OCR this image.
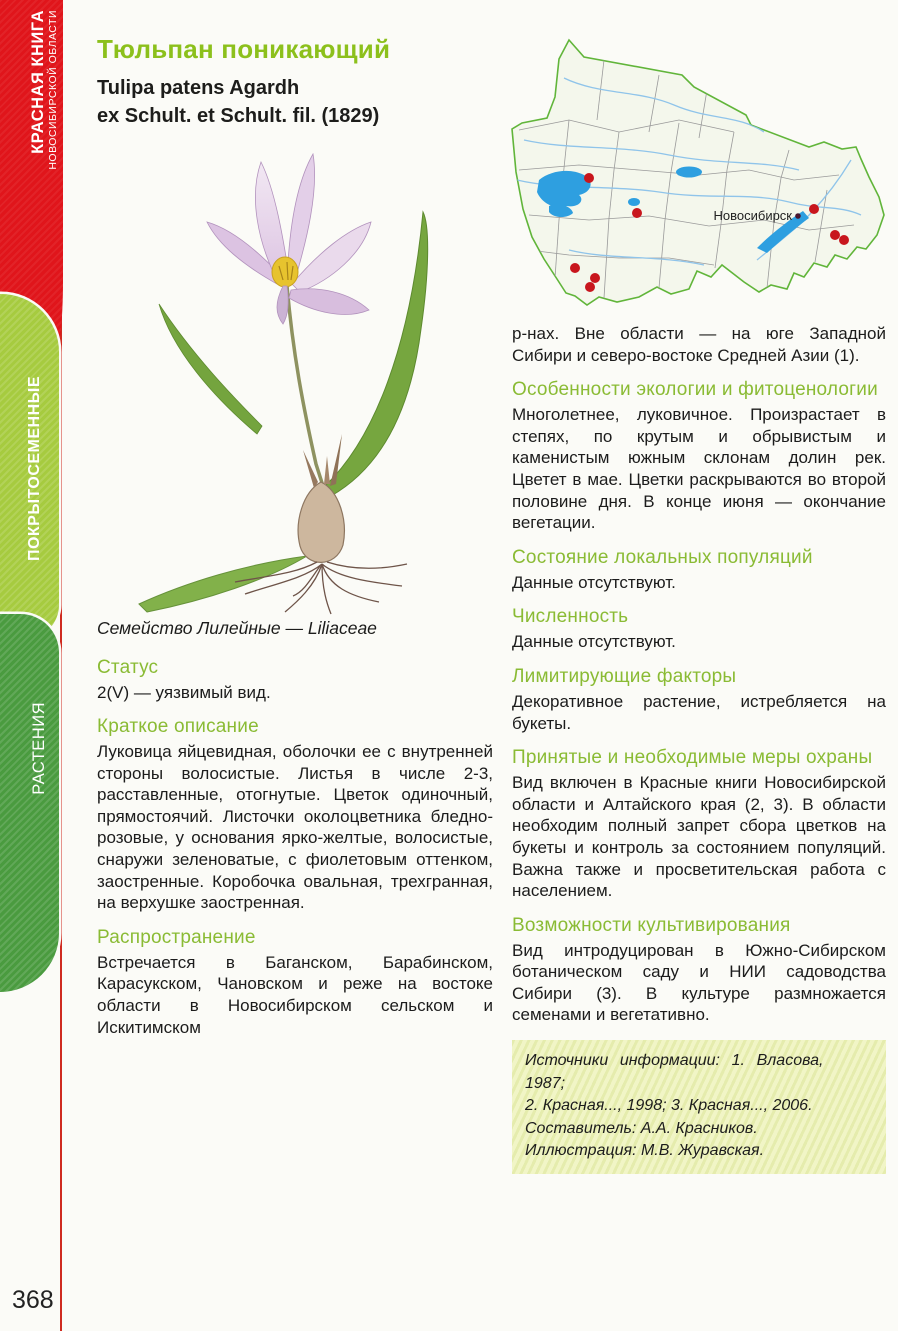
КРАСНАЯ КНИГА НОВОСИБИРСКОЙ ОБЛАСТИ
ПОКРЫТОСЕМЕННЫЕ
РАСТЕНИЯ
368
Тюльпан поникающий
Tulipa patens Agardh
ex Schult. et Schult. fil. (1829)

Семейство Лилейные — Liliaceae

Статус

2(V) — уязвимый вид.

Краткое описание

Луковица яйцевидная, оболочки ее с внутренней стороны волосистые. Листья в числе 2-3, расставленные, отогнутые. Цветок одиночный, прямостоячий. Листочки околоцветника бледно-розовые, у основания ярко-желтые, волосистые, снаружи зеленоватые, с фиолетовым оттенком, заостренные. Коробочка овальная, трехгранная, на верхушке заостренная.

Распространение

Встречается в Баганском, Барабинском, Карасукском, Чановском и реже на востоке области в Новосибирском сельском и Искитимском

Новосибирск

р-нах. Вне области — на юге Западной Сибири и северо-востоке Средней Азии (1).

Особенности экологии и фитоценологии

Многолетнее, луковичное. Произрастает в степях, по крутым и обрывистым и каменистым южным склонам долин рек. Цветет в мае. Цветки раскрываются во второй половине дня. В конце июня — окончание вегетации.

Состояние локальных популяций

Данные отсутствуют.

Численность

Данные отсутствуют.

Лимитирующие факторы

Декоративное растение, истребляется на букеты.

Принятые и необходимые меры охраны

Вид включен в Красные книги Новосибирской области и Алтайского края (2, 3). В области необходим полный запрет сбора цветков на букеты и контроль за состоянием популяций. Важна также и просветительская работа с населением.

Возможности культивирования

Вид интродуцирован в Южно-Сибирском ботаническом саду и НИИ садоводства Сибири (3). В культуре размножается семенами и вегетативно.

Источники информации: 1. Власова, 1987;
2. Красная..., 1998; 3. Красная..., 2006.
Составитель: А.А. Красников.
Иллюстрация: М.В. Журавская.
